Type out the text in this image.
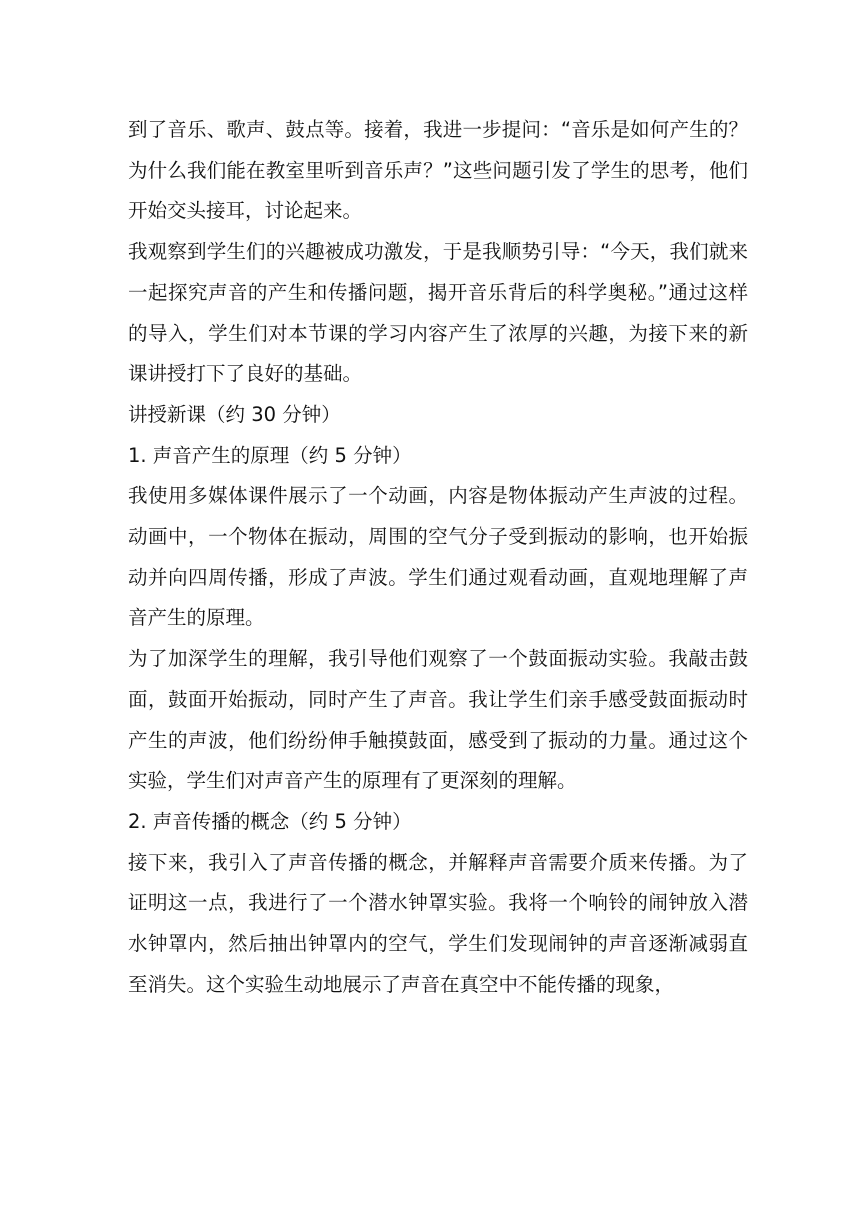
到了音乐、歌声、鼓点等。接着，我进一步提问：“音乐是如何产生的？为什么我们能在教室里听到音乐声？”这些问题引发了学生的思考，他们开始交头接耳，讨论起来。

我观察到学生们的兴趣被成功激发，于是我顺势引导：“今天，我们就来一起探究声音的产生和传播问题，揭开音乐背后的科学奥秘。”通过这样的导入，学生们对本节课的学习内容产生了浓厚的兴趣，为接下来的新课讲授打下了良好的基础。

讲授新课（约 30 分钟）

1. 声音产生的原理（约 5 分钟）

我使用多媒体课件展示了一个动画，内容是物体振动产生声波的过程。动画中，一个物体在振动，周围的空气分子受到振动的影响，也开始振动并向四周传播，形成了声波。学生们通过观看动画，直观地理解了声音产生的原理。

为了加深学生的理解，我引导他们观察了一个鼓面振动实验。我敲击鼓面，鼓面开始振动，同时产生了声音。我让学生们亲手感受鼓面振动时产生的声波，他们纷纷伸手触摸鼓面，感受到了振动的力量。通过这个实验，学生们对声音产生的原理有了更深刻的理解。

2. 声音传播的概念（约 5 分钟）

接下来，我引入了声音传播的概念，并解释声音需要介质来传播。为了证明这一点，我进行了一个潜水钟罩实验。我将一个响铃的闹钟放入潜水钟罩内，然后抽出钟罩内的空气，学生们发现闹钟的声音逐渐减弱直至消失。这个实验生动地展示了声音在真空中不能传播的现象，
